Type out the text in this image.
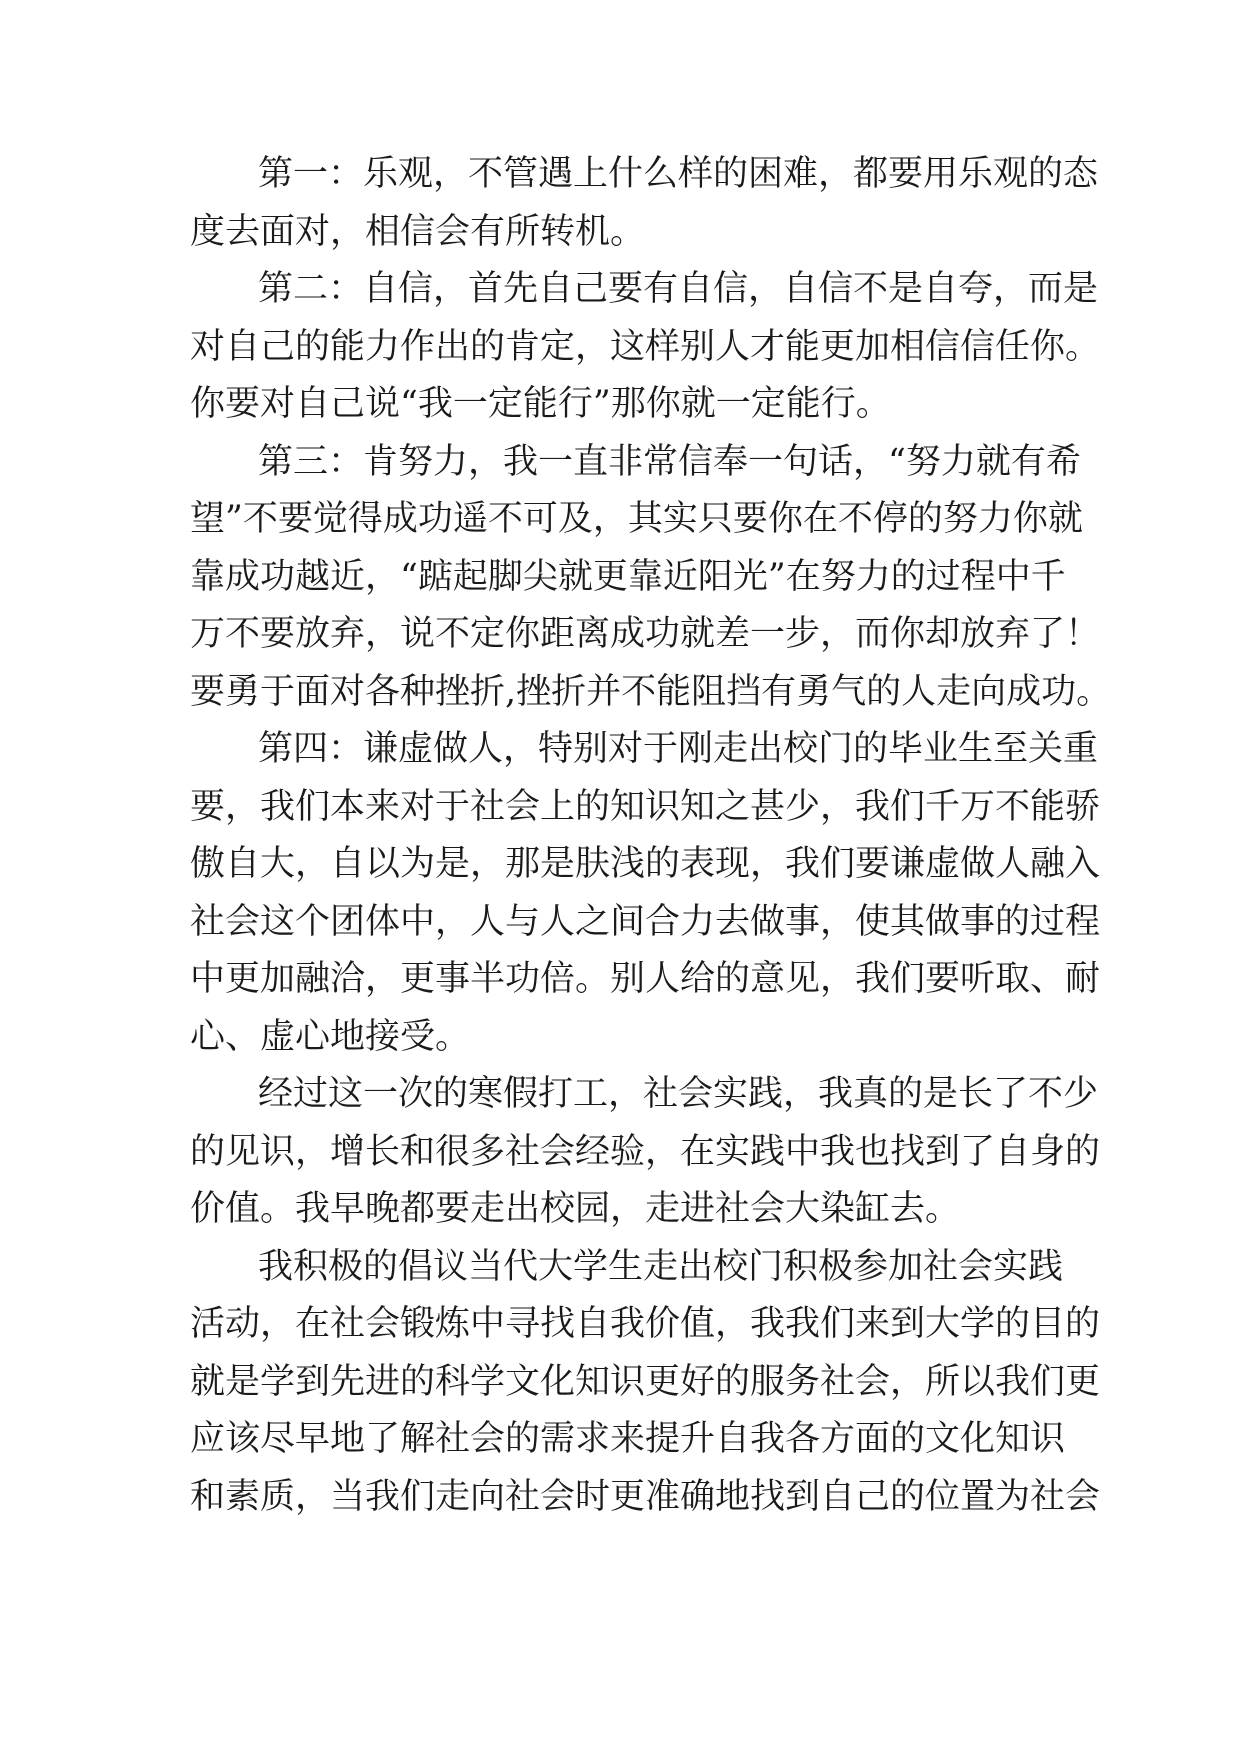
第一：乐观，不管遇上什么样的困难，都要用乐观的态
度去面对，相信会有所转机。
第二：自信，首先自己要有自信，自信不是自夸，而是
对自己的能力作出的肯定，这样别人才能更加相信信任你。
你要对自己说“我一定能行”那你就一定能行。
第三：肯努力，我一直非常信奉一句话，“努力就有希
望”不要觉得成功遥不可及，其实只要你在不停的努力你就
靠成功越近，“踮起脚尖就更靠近阳光”在努力的过程中千
万不要放弃，说不定你距离成功就差一步，而你却放弃了！
要勇于面对各种挫折,挫折并不能阻挡有勇气的人走向成功。
第四：谦虚做人，特别对于刚走出校门的毕业生至关重
要，我们本来对于社会上的知识知之甚少，我们千万不能骄
傲自大，自以为是，那是肤浅的表现，我们要谦虚做人融入
社会这个团体中，人与人之间合力去做事，使其做事的过程
中更加融洽，更事半功倍。别人给的意见，我们要听取、耐
心、虚心地接受。
经过这一次的寒假打工，社会实践，我真的是长了不少
的见识，增长和很多社会经验，在实践中我也找到了自身的
价值。我早晚都要走出校园，走进社会大染缸去。
我积极的倡议当代大学生走出校门积极参加社会实践
活动，在社会锻炼中寻找自我价值，我我们来到大学的目的
就是学到先进的科学文化知识更好的服务社会，所以我们更
应该尽早地了解社会的需求来提升自我各方面的文化知识
和素质，当我们走向社会时更准确地找到自己的位置为社会
